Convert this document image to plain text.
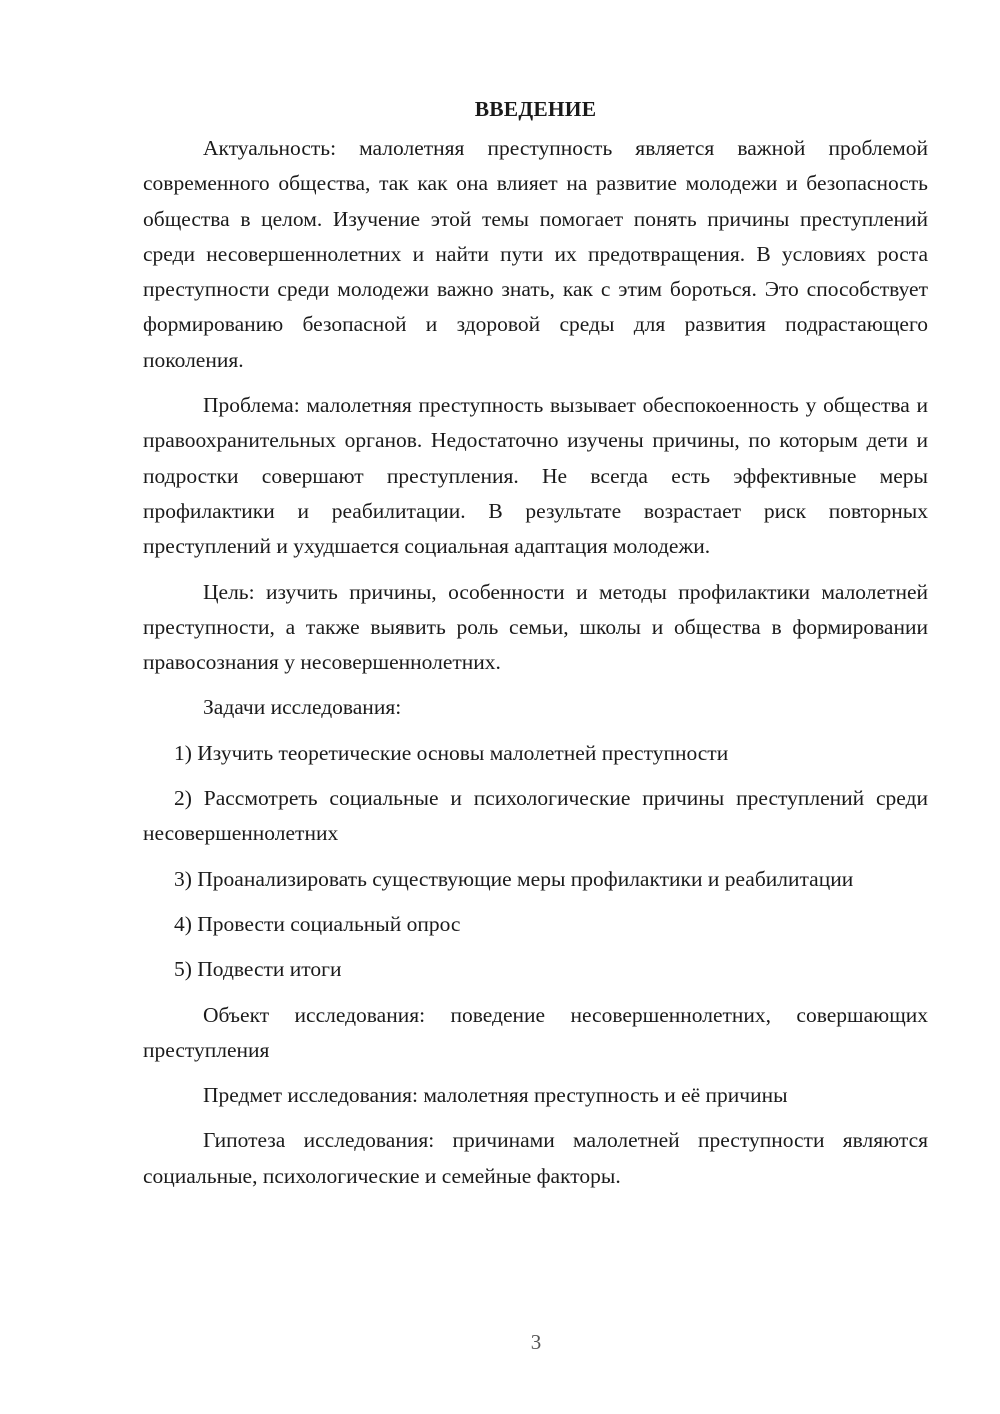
ВВЕДЕНИЕ

Актуальность: малолетняя преступность является важной проблемой современного общества, так как она влияет на развитие молодежи и безопасность общества в целом. Изучение этой темы помогает понять причины преступлений среди несовершеннолетних и найти пути их предотвращения. В условиях роста преступности среди молодежи важно знать, как с этим бороться. Это способствует формированию безопасной и здоровой среды для развития подрастающего поколения.

Проблема: малолетняя преступность вызывает обеспокоенность у общества и правоохранительных органов. Недостаточно изучены причины, по которым дети и подростки совершают преступления. Не всегда есть эффективные меры профилактики и реабилитации. В результате возрастает риск повторных преступлений и ухудшается социальная адаптация молодежи.

Цель: изучить причины, особенности и методы профилактики малолетней преступности, а также выявить роль семьи, школы и общества в формировании правосознания у несовершеннолетних.

Задачи исследования:

1) Изучить теоретические основы малолетней преступности
2) Рассмотреть социальные и психологические причины преступлений среди несовершеннолетних
3) Проанализировать существующие меры профилактики и реабилитации
4) Провести социальный опрос
5) Подвести итоги

Объект исследования: поведение несовершеннолетних, совершающих преступления

Предмет исследования: малолетняя преступность и её причины

Гипотеза исследования: причинами малолетней преступности являются социальные, психологические и семейные факторы.

3
